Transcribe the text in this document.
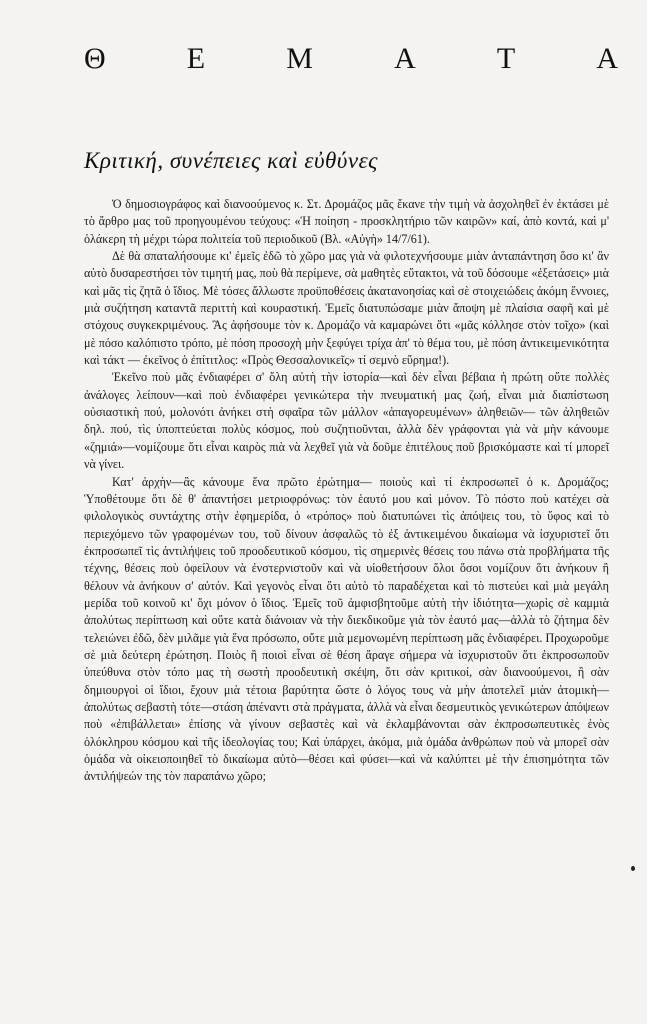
Θ	Ε	Μ	Α	Τ	Α
Κριτική, συνέπειες καὶ εὐθύνες

Ὁ δημοσιογράφος καὶ διανοούμενος κ. Στ. Δρομάζος μᾶς ἔκανε τὴν τιμὴ νὰ ἀσχοληθεῖ ἐν ἐκτάσει μὲ τὸ ἄρθρο μας τοῦ προηγουμένου τεύχους: «Ἡ ποίηση - προσκλητήριο τῶν καιρῶν» καί, ἀπὸ κοντά, καὶ μ' ὁλάκερη τὴ μέχρι τώρα πολιτεία τοῦ περιοδικοῦ (Βλ. «Αὐγὴ» 14/7/61).

Δὲ θὰ σπαταλήσουμε κι' ἐμεῖς ἐδῶ τὸ χῶρο μας γιὰ νὰ φιλοτεχνήσουμε μιὰν ἀνταπάντηση ὅσο κι' ἂν αὐτὸ δυσαρεστήσει τὸν τιμητή μας, ποὺ θὰ περίμενε, σὰ μαθητὲς εὔτακτοι, νὰ τοῦ δόσουμε «ἐξετάσεις» μιὰ καὶ μᾶς τὶς ζητᾶ ὁ ἴδιος. Μὲ τόσες ἄλλωστε προϋποθέσεις ἀκατανοησίας καὶ σὲ στοιχειώδεις ἀκόμη ἔννοιες, μιὰ συζήτηση καταντᾶ περιττὴ καὶ κουραστική. Ἐμεῖς διατυπώσαμε μιὰν ἄποψη μὲ πλαίσια σαφῆ καὶ μὲ στόχους συγκεκριμένους. Ἂς ἀφήσουμε τὸν κ. Δρομάζο νὰ καμαρώνει ὅτι «μᾶς κόλλησε στὸν τοῖχο» (καὶ μὲ πόσο καλόπιστο τρόπο, μὲ πόση προσοχὴ μὴν ξεφύγει τρίχα ἀπ' τὸ θέμα του, μὲ πόση ἀντικειμενικότητα καὶ τάκτ — ἐκεῖνος ὁ ἐπίτιτλος: «Πρὸς Θεσσαλονικεῖς» τί σεμνὸ εὕρημα!).

Ἐκεῖνο ποὺ μᾶς ἐνδιαφέρει σ' ὅλη αὐτὴ τὴν ἱστορία—καὶ δὲν εἶναι βέβαια ἡ πρώτη οὔτε πολλὲς ἀνάλογες λείπουν—καὶ ποὺ ἐνδιαφέρει γενικώτερα τὴν πνευματική μας ζωή, εἶναι μιὰ διαπίστωση οὐσιαστικὴ πού, μολονότι ἀνήκει στὴ σφαῖρα τῶν μάλλον «ἀπαγορευμένων» ἀληθειῶν— τῶν ἀληθειῶν δηλ. πού, τὶς ὑποπτεύεται πολὺς κόσμος, ποὺ συζητιοῦνται, ἀλλὰ δὲν γράφονται γιὰ νὰ μὴν κάνουμε «ζημιά»—νομίζουμε ὅτι εἶναι καιρὸς πιὰ νὰ λεχθεῖ γιὰ νὰ δοῦμε ἐπιτέλους ποῦ βρισκόμαστε καὶ τί μπορεῖ νὰ γίνει.

Κατ' ἀρχὴν—ἂς κάνουμε ἕνα πρῶτο ἐρώτημα— ποιοὺς καὶ τί ἐκπροσωπεῖ ὁ κ. Δρομάζος; Ὑποθέτουμε ὅτι δὲ θ' ἀπαντήσει μετριοφρόνως: τὸν ἑαυτό μου καὶ μόνον. Τὸ πόστο ποὺ κατέχει σὰ φιλολογικὸς συντάχτης στὴν ἐφημερίδα, ὁ «τρόπος» ποὺ διατυπώνει τὶς ἀπόψεις του, τὸ ὕφος καὶ τὸ περιεχόμενο τῶν γραφομένων του, τοῦ δίνουν ἀσφαλῶς τὸ ἐξ ἀντικειμένου δικαίωμα νὰ ἰσχυριστεῖ ὅτι ἐκπροσωπεῖ τὶς ἀντιλήψεις τοῦ προοδευτικοῦ κόσμου, τὶς σημερινὲς θέσεις του πάνω στὰ προβλήματα τῆς τέχνης, θέσεις ποὺ ὀφείλουν νὰ ἐνστερνιστοῦν καὶ νὰ υἱοθετήσουν ὅλοι ὅσοι νομίζουν ὅτι ἀνήκουν ἢ θέλουν νὰ ἀνήκουν σ' αὐτόν. Καὶ γεγονὸς εἶναι ὅτι αὐτὸ τὸ παραδέχεται καὶ τὸ πιστεύει καὶ μιὰ μεγάλη μερίδα τοῦ κοινοῦ κι' ὄχι μόνον ὁ ἴδιος. Ἐμεῖς τοῦ ἀμφισβητοῦμε αὐτὴ τὴν ἰδιότητα—χωρὶς σὲ καμμιὰ ἀπολύτως περίπτωση καὶ οὔτε κατὰ διάνοιαν νὰ τὴν διεκδικοῦμε γιὰ τὸν ἑαυτό μας—ἀλλὰ τὸ ζήτημα δὲν τελειώνει ἐδῶ, δὲν μιλᾶμε γιὰ ἕνα πρόσωπο, οὔτε μιὰ μεμονωμένη περίπτωση μᾶς ἐνδιαφέρει. Προχωροῦμε σὲ μιὰ δεύτερη ἐρώτηση. Ποιὸς ἢ ποιοὶ εἶναι σὲ θέση ἄραγε σήμερα νὰ ἰσχυριστοῦν ὅτι ἐκπροσωποῦν ὑπεύθυνα στὸν τόπο μας τὴ σωστὴ προοδευτικὴ σκέψη, ὅτι σὰν κριτικοί, σὰν διανοούμενοι, ἢ σὰν δημιουργοὶ οἱ ἴδιοι, ἔχουν μιὰ τέτοια βαρύτητα ὥστε ὁ λόγος τους νὰ μὴν ἀποτελεῖ μιὰν ἀτομικὴ—ἀπολύτως σεβαστὴ τότε—στάση ἀπέναντι στὰ πράγματα, ἀλλὰ νὰ εἶναι δεσμευτικὸς γενικώτερων ἀπόψεων ποὺ «ἐπιβάλλεται» ἐπίσης νὰ γίνουν σεβαστὲς καὶ νὰ ἐκλαμβάνονται σὰν ἐκπροσωπευτικὲς ἑνὸς ὁλόκληρου κόσμου καὶ τῆς ἰδεολογίας του; Καὶ ὑπάρχει, ἀκόμα, μιὰ ὁμάδα ἀνθρώπων ποὺ νὰ μπορεῖ σὰν ὁμάδα νὰ οἰκειοποιηθεῖ τὸ δικαίωμα αὐτὸ—θέσει καὶ φύσει—καὶ νὰ καλύπτει μὲ τὴν ἐπισημότητα τῶν ἀντιλήψεών της τὸν παραπάνω χῶρο;
